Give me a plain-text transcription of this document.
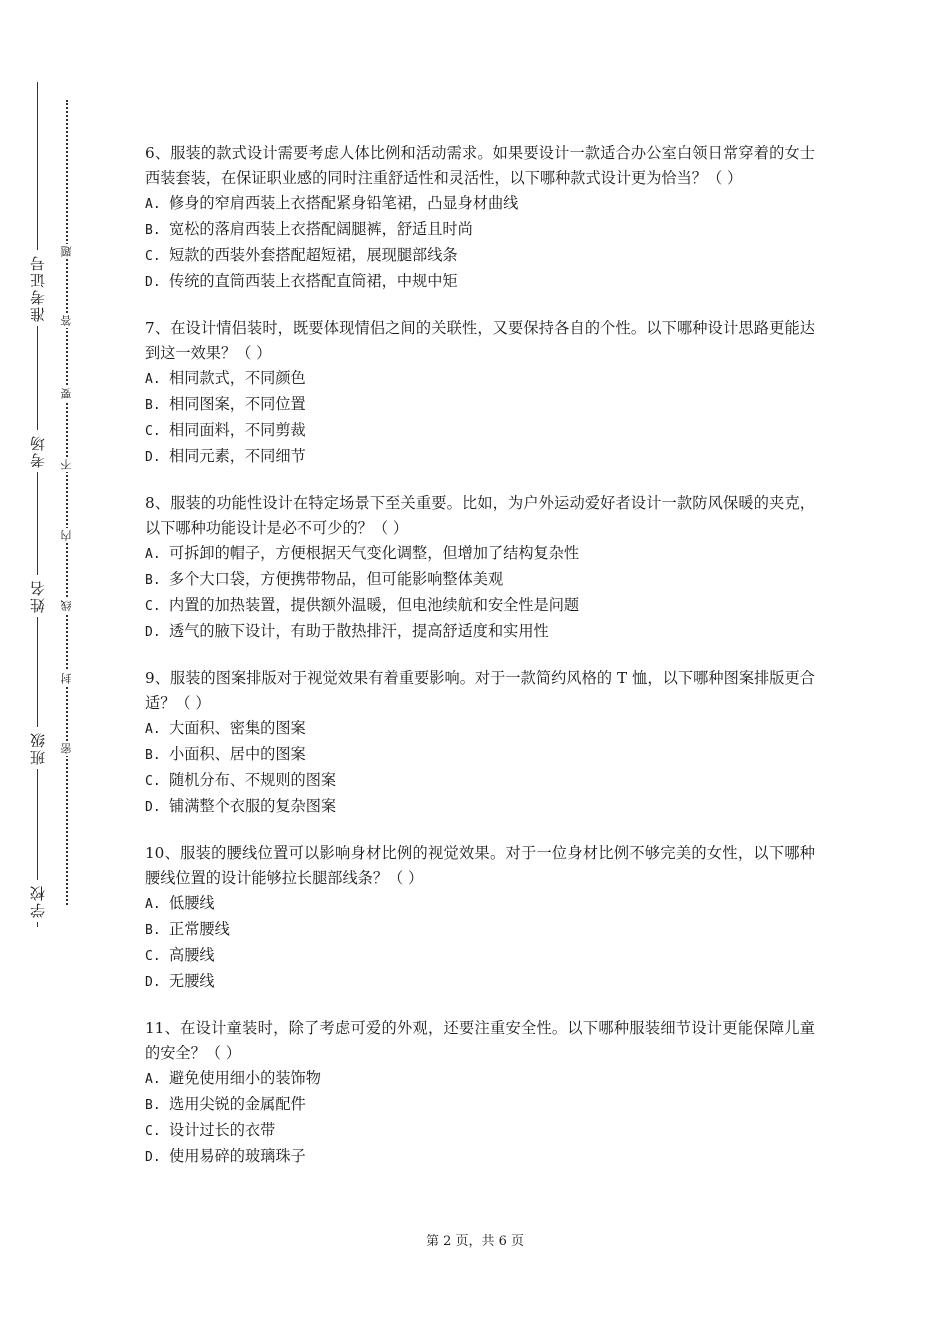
准考证号
考场
姓名
班级
学校
题
答
要
不
内
线
封
密

6、服装的款式设计需要考虑人体比例和活动需求。如果要设计一款适合办公室白领日常穿着的女士西装套装，在保证职业感的同时注重舒适性和灵活性，以下哪种款式设计更为恰当？（ ）

A. 修身的窄肩西装上衣搭配紧身铅笔裙，凸显身材曲线
B. 宽松的落肩西装上衣搭配阔腿裤，舒适且时尚
C. 短款的西装外套搭配超短裙，展现腿部线条
D. 传统的直筒西装上衣搭配直筒裙，中规中矩

7、在设计情侣装时，既要体现情侣之间的关联性，又要保持各自的个性。以下哪种设计思路更能达到这一效果？（ ）

A. 相同款式，不同颜色
B. 相同图案，不同位置
C. 相同面料，不同剪裁
D. 相同元素，不同细节

8、服装的功能性设计在特定场景下至关重要。比如，为户外运动爱好者设计一款防风保暖的夹克，以下哪种功能设计是必不可少的？（ ）

A. 可拆卸的帽子，方便根据天气变化调整，但增加了结构复杂性
B. 多个大口袋，方便携带物品，但可能影响整体美观
C. 内置的加热装置，提供额外温暖，但电池续航和安全性是问题
D. 透气的腋下设计，有助于散热排汗，提高舒适度和实用性

9、服装的图案排版对于视觉效果有着重要影响。对于一款简约风格的 T 恤，以下哪种图案排版更合适？（ ）

A. 大面积、密集的图案
B. 小面积、居中的图案
C. 随机分布、不规则的图案
D. 铺满整个衣服的复杂图案

10、服装的腰线位置可以影响身材比例的视觉效果。对于一位身材比例不够完美的女性，以下哪种腰线位置的设计能够拉长腿部线条？（ ）

A. 低腰线
B. 正常腰线
C. 高腰线
D. 无腰线

11、在设计童装时，除了考虑可爱的外观，还要注重安全性。以下哪种服装细节设计更能保障儿童的安全？（ ）

A. 避免使用细小的装饰物
B. 选用尖锐的金属配件
C. 设计过长的衣带
D. 使用易碎的玻璃珠子
第 2 页，共 6 页
